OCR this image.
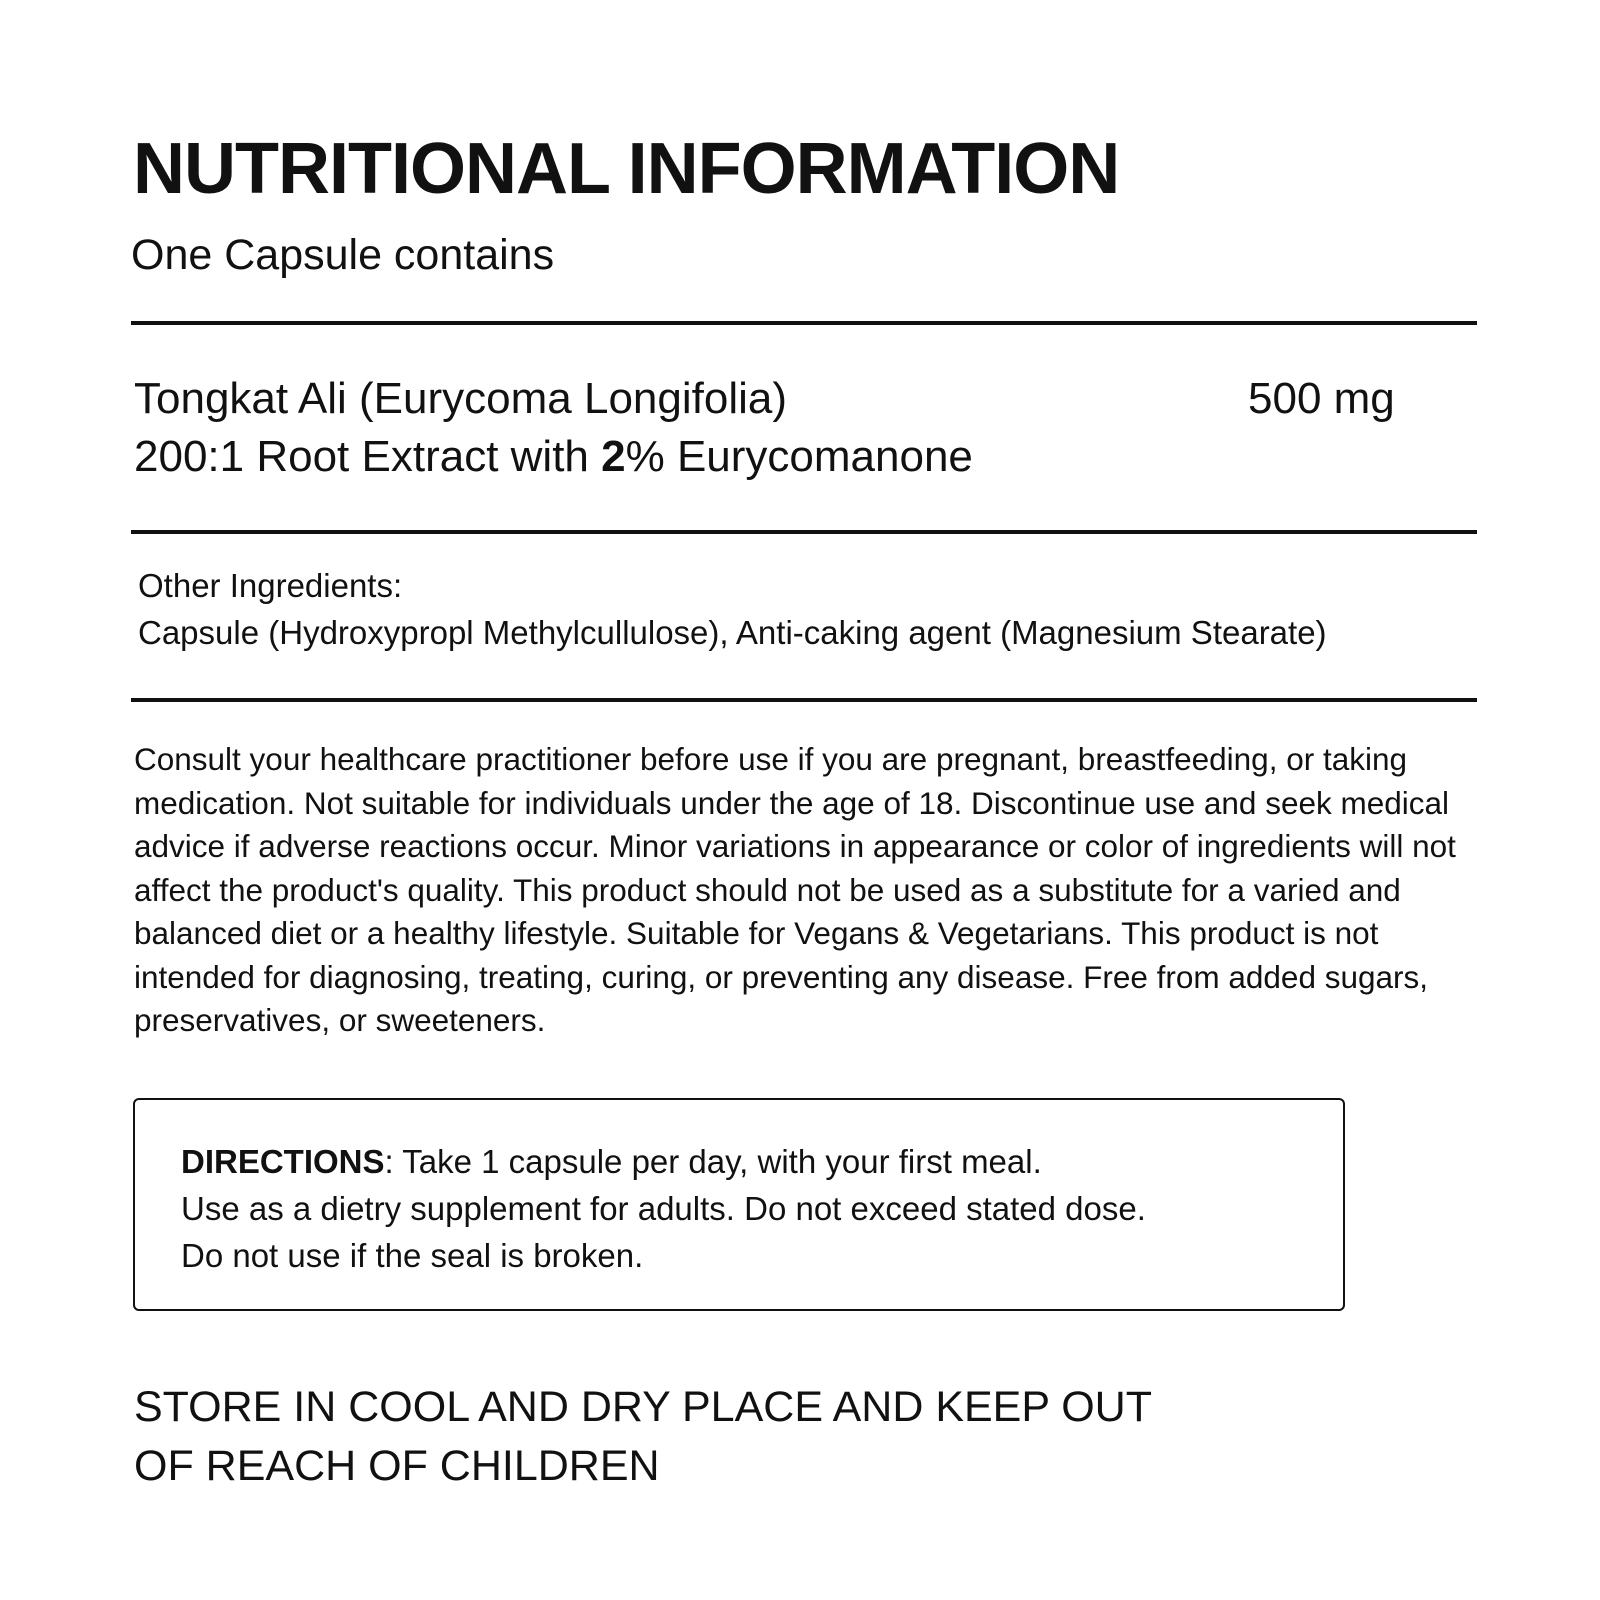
NUTRITIONAL INFORMATION
One Capsule contains
Tongkat Ali (Eurycoma Longifolia)
200:1 Root Extract with 2% Eurycomanone
500 mg
Other Ingredients:
Capsule (Hydroxypropl Methylcullulose), Anti-caking agent (Magnesium Stearate)
Consult your healthcare practitioner before use if you are pregnant, breastfeeding, or taking medication. Not suitable for individuals under the age of 18. Discontinue use and seek medical advice if adverse reactions occur. Minor variations in appearance or color of ingredients will not affect the product's quality. This product should not be used as a substitute for a varied and balanced diet or a healthy lifestyle. Suitable for Vegans & Vegetarians. This product is not intended for diagnosing, treating, curing, or preventing any disease. Free from added sugars, preservatives, or sweeteners.
DIRECTIONS: Take 1 capsule per day, with your first meal.
Use as a dietry supplement for adults. Do not exceed stated dose.
Do not use if the seal is broken.
STORE IN COOL AND DRY PLACE AND KEEP OUT
OF REACH OF CHILDREN
